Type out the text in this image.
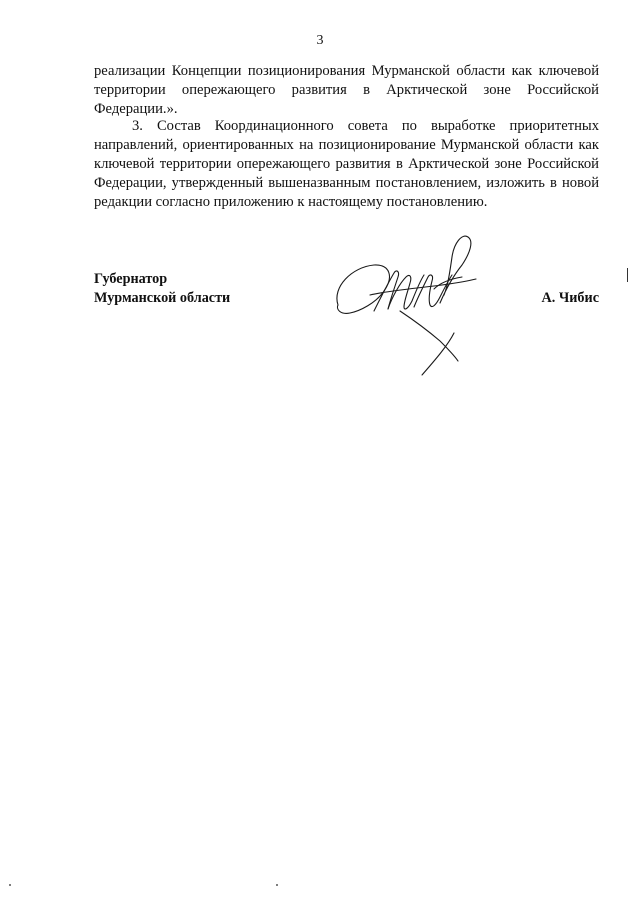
3
реализации Концепции позиционирования Мурманской области как ключевой территории опережающего развития в Арктической зоне Российской Федерации.».
3. Состав Координационного совета по выработке приоритетных направлений, ориентированных на позиционирование Мурманской области как ключевой территории опережающего развития в Арктической зоне Российской Федерации, утвержденный вышеназванным постановлением, изложить в новой редакции согласно приложению к настоящему постановлению.
Губернатор
Мурманской области	А. Чибис
